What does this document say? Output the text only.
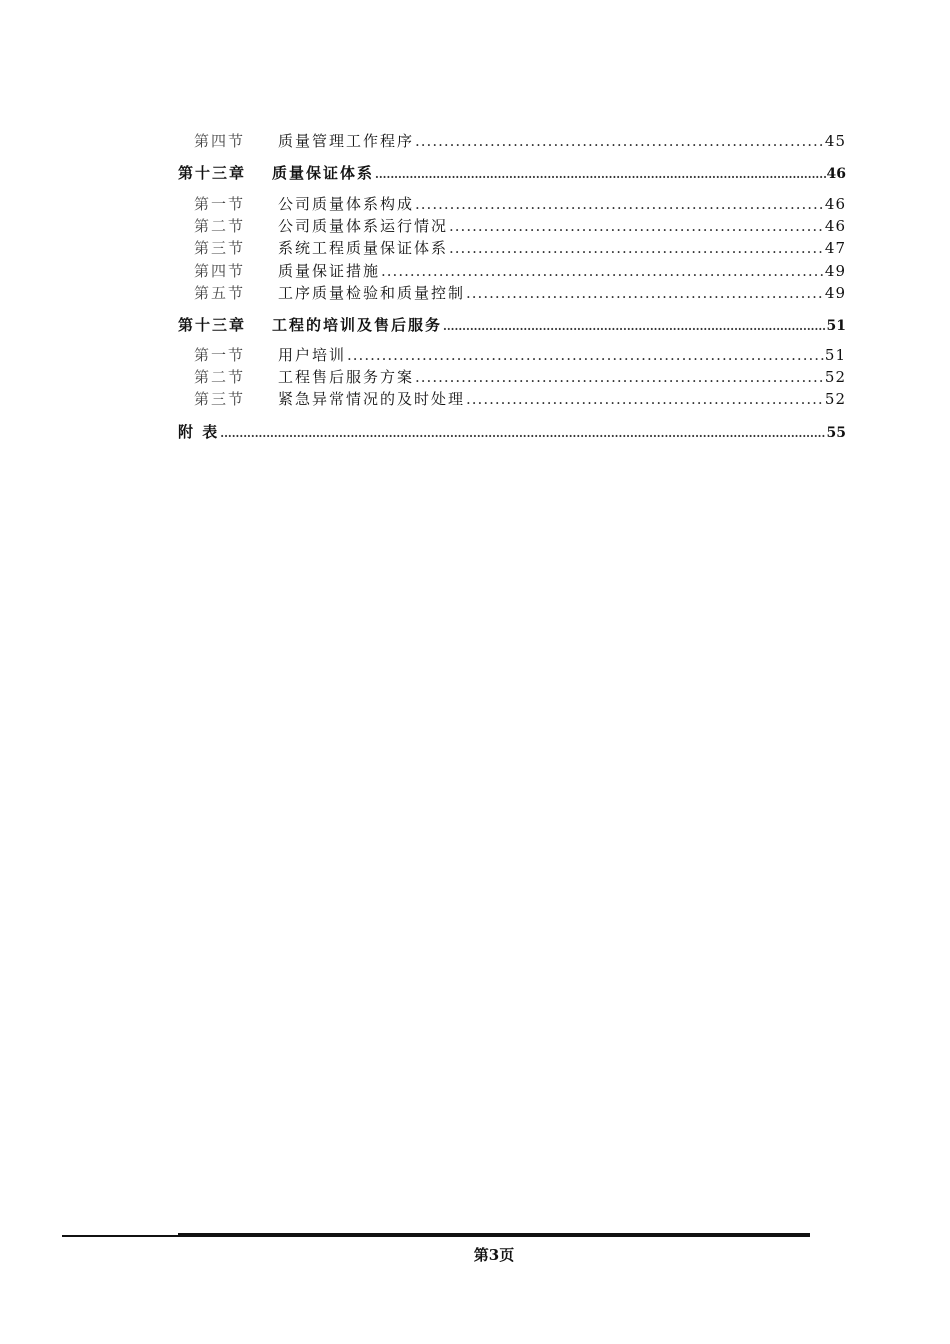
第四节	质量管理工作程序 .....	45
第十三章	质量保证体系 .....	46
第一节	公司质量体系构成 .....	46
第二节	公司质量体系运行情况 .....	46
第三节	系统工程质量保证体系 .....	47
第四节	质量保证措施 .....	49
第五节	工序质量检验和质量控制 .....	49
第十三章	工程的培训及售后服务 .....	51
第一节	用户培训 .....	51
第二节	工程售后服务方案 .....	52
第三节	紧急异常情况的及时处理 .....	52
附 表 .....	55
第3页
